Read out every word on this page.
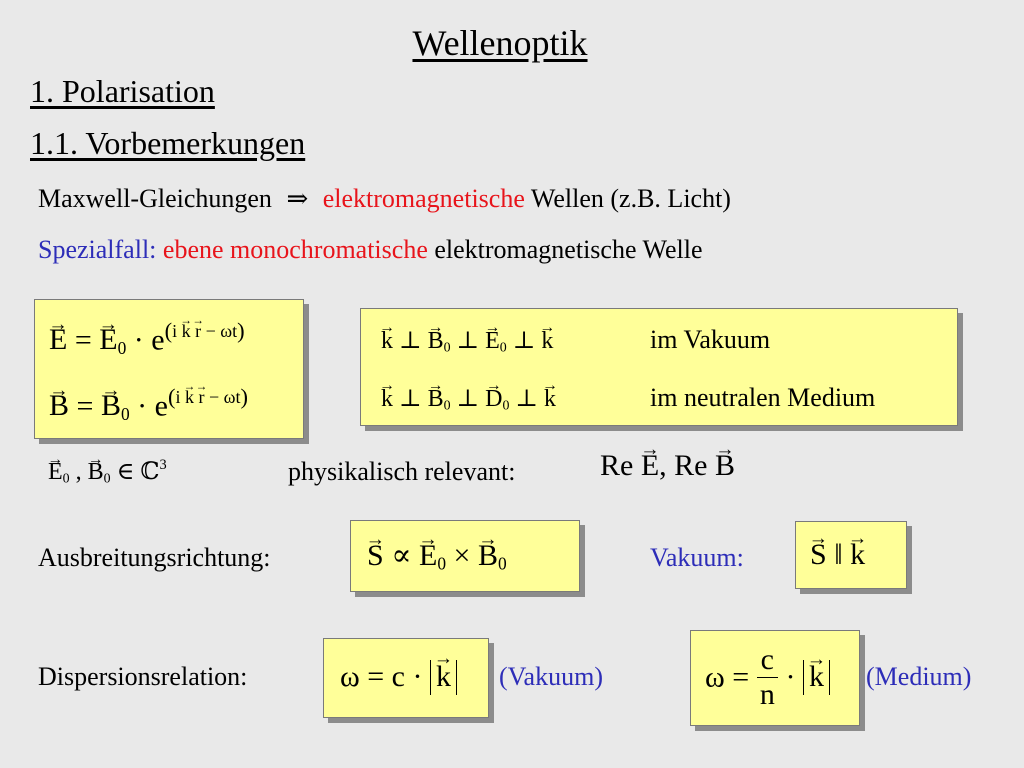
Wellenoptik
1. Polarisation
1.1. Vorbemerkungen
Maxwell-Gleichungen ⇒ elektromagnetische Wellen (z.B. Licht)
Spezialfall: ebene monochromatische elektromagnetische Welle
→ E = → $E_0 \cdot e^{(i \to k \to r - \omega t)}$
→ B = → $B_0 \cdot e^{(i \to k \to r - \omega t)}$
→ k ⊥ → $B_0$ ⊥ → $E_0$ ⊥ → k	im Vakuum
→ k ⊥ → $B_0$ ⊥ → $D_0$ ⊥ → k	im neutralen Medium
→ $E_0$ , → $B_0$ ∈ ℂ$^3$	physikalisch relevant:	Re → E, Re → B
Ausbreitungsrichtung:	→ S ∝ → $E_0$ × → $B_0$	Vakuum: → S ‖ → k
Dispersionsrelation:	ω = c · → k (Vakuum)	$\omega = \frac{c}{n}$ · → k (Medium)
